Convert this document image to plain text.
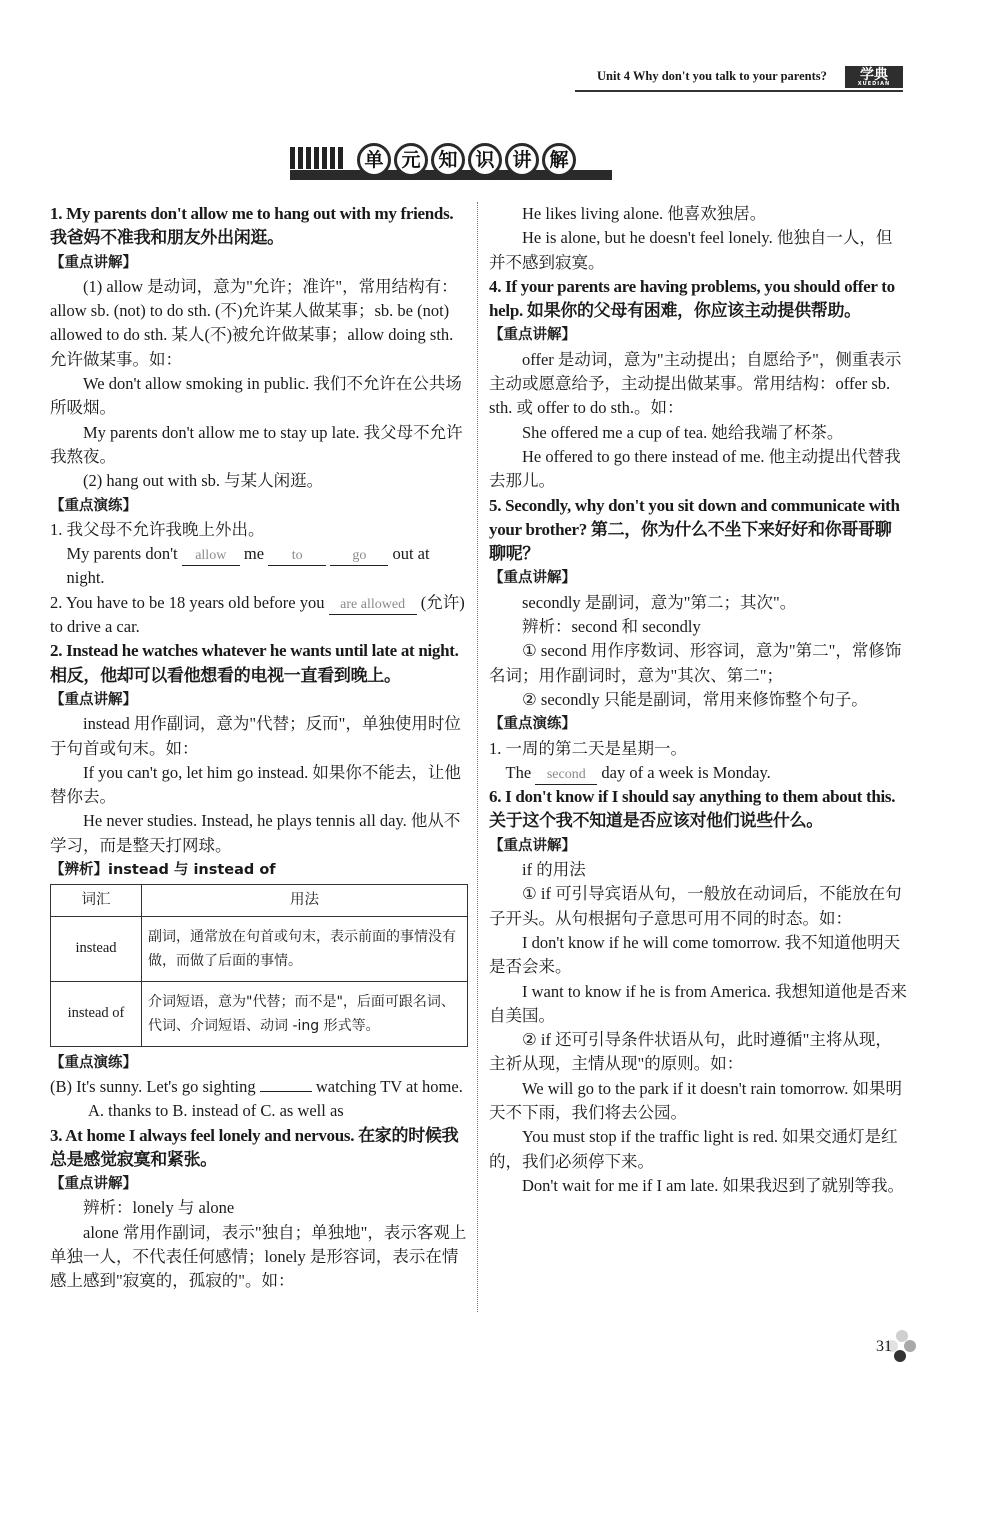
Unit 4 Why don't you talk to your parents?	学典
XUEDIAN
单 元 知 识 讲 解

1. My parents don't allow me to hang out with my friends. 我爸妈不准我和朋友外出闲逛。

【重点讲解】

(1) allow 是动词，意为"允许；准许"，常用结构有：allow sb. (not) to do sth. (不)允许某人做某事；sb. be (not) allowed to do sth. 某人(不)被允许做某事；allow doing sth. 允许做某事。如：

We don't allow smoking in public. 我们不允许在公共场所吸烟。

My parents don't allow me to stay up late. 我父母不允许我熬夜。

(2) hang out with sb. 与某人闲逛。

【重点演练】

1. 我父母不允许我晚上外出。

My parents don't allow me to	go out at night.

2. You have to be 18 years old before you are allowed (允许) to drive a car.

2. Instead he watches whatever he wants until late at night. 相反，他却可以看他想看的电视一直看到晚上。

【重点讲解】

instead 用作副词，意为"代替；反而"，单独使用时位于句首或句末。如：

If you can't go, let him go instead. 如果你不能去，让他替你去。

He never studies. Instead, he plays tennis all day. 他从不学习，而是整天打网球。

【辨析】instead 与 instead of

词汇	用法
instead	副词，通常放在句首或句末，表示前面的事情没有做，而做了后面的事情。
instead of	介词短语，意为"代替；而不是"，后面可跟名词、代词、介词短语、动词 -ing 形式等。

【重点演练】

(B) It's sunny. Let's go sighting	watching TV at home.

A. thanks to B. instead of C. as well as

3. At home I always feel lonely and nervous. 在家的时候我总是感觉寂寞和紧张。

【重点讲解】

辨析：lonely 与 alone

alone 常用作副词，表示"独自；单独地"，表示客观上单独一人，不代表任何感情；lonely 是形容词，表示在情感上感到"寂寞的，孤寂的"。如：

He likes living alone. 他喜欢独居。

He is alone, but he doesn't feel lonely. 他独自一人，但并不感到寂寞。

4. If your parents are having problems, you should offer to help. 如果你的父母有困难，你应该主动提供帮助。

【重点讲解】

offer 是动词，意为"主动提出；自愿给予"，侧重表示主动或愿意给予，主动提出做某事。常用结构：offer sb. sth. 或 offer to do sth.。如：

She offered me a cup of tea. 她给我端了杯茶。

He offered to go there instead of me. 他主动提出代替我去那儿。

5. Secondly, why don't you sit down and communicate with your brother? 第二，你为什么不坐下来好好和你哥哥聊聊呢？

【重点讲解】

secondly 是副词，意为"第二；其次"。

辨析：second 和 secondly

① second 用作序数词、形容词，意为"第二"，常修饰名词；用作副词时，意为"其次、第二"；

② secondly 只能是副词，常用来修饰整个句子。

【重点演练】

1. 一周的第二天是星期一。

The second day of a week is Monday.

6. I don't know if I should say anything to them about this. 关于这个我不知道是否应该对他们说些什么。

【重点讲解】

if 的用法

① if 可引导宾语从句，一般放在动词后，不能放在句子开头。从句根据句子意思可用不同的时态。如：

I don't know if he will come tomorrow. 我不知道他明天是否会来。

I want to know if he is from America. 我想知道他是否来自美国。

② if 还可引导条件状语从句，此时遵循"主将从现，主祈从现，主情从现"的原则。如：

We will go to the park if it doesn't rain tomorrow. 如果明天不下雨，我们将去公园。

You must stop if the traffic light is red. 如果交通灯是红的，我们必须停下来。

Don't wait for me if I am late. 如果我迟到了就别等我。

31
